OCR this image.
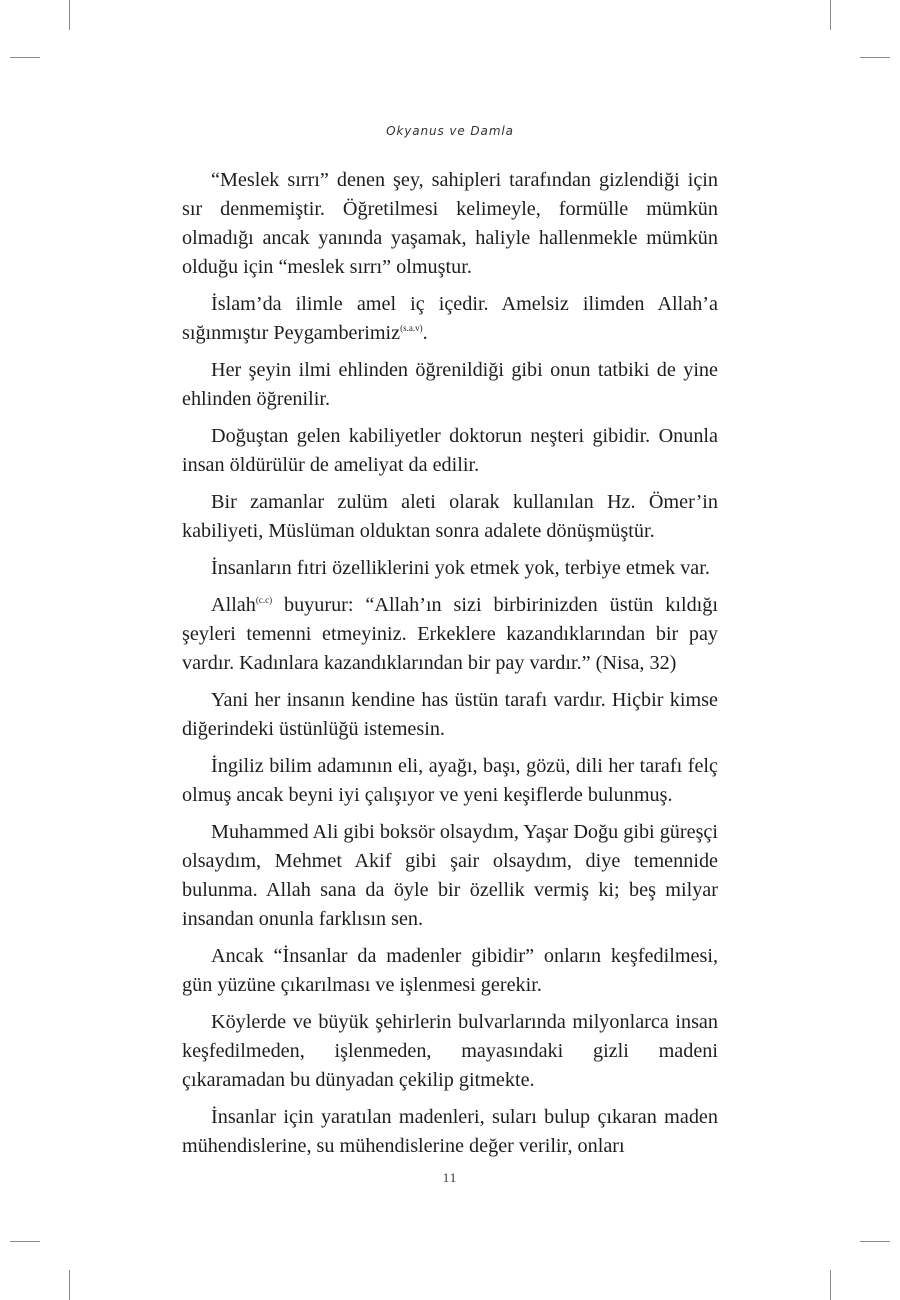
Okyanus ve Damla

“Meslek sırrı” denen şey, sahipleri tarafından gizlendiği için sır denmemiştir. Öğretilmesi kelimeyle, formülle mümkün olmadığı ancak yanında yaşamak, haliyle hallenmekle mümkün olduğu için “meslek sırrı” olmuştur.

İslam’da ilimle amel iç içedir. Amelsiz ilimden Allah’a sığınmıştır Peygamberimiz$^{(s.a.v)}$.

Her şeyin ilmi ehlinden öğrenildiği gibi onun tatbiki de yine ehlinden öğrenilir.

Doğuştan gelen kabiliyetler doktorun neşteri gibidir. Onunla insan öldürülür de ameliyat da edilir.

Bir zamanlar zulüm aleti olarak kullanılan Hz. Ömer’in kabiliyeti, Müslüman olduktan sonra adalete dönüşmüştür.

İnsanların fıtri özelliklerini yok etmek yok, terbiye etmek var.

Allah$^{(c.c)}$ buyurur: “Allah’ın sizi birbirinizden üstün kıldığı şeyleri temenni etmeyiniz. Erkeklere kazandıklarından bir pay vardır. Kadınlara kazandıklarından bir pay vardır.” (Nisa, 32)

Yani her insanın kendine has üstün tarafı vardır. Hiçbir kimse diğerindeki üstünlüğü istemesin.

İngiliz bilim adamının eli, ayağı, başı, gözü, dili her tarafı felç olmuş ancak beyni iyi çalışıyor ve yeni keşiflerde bulunmuş.

Muhammed Ali gibi boksör olsaydım, Yaşar Doğu gibi güreşçi olsaydım, Mehmet Akif gibi şair olsaydım, diye temennide bulunma. Allah sana da öyle bir özellik vermiş ki; beş milyar insandan onunla farklısın sen.

Ancak “İnsanlar da madenler gibidir” onların keşfedilmesi, gün yüzüne çıkarılması ve işlenmesi gerekir.

Köylerde ve büyük şehirlerin bulvarlarında milyonlarca insan keşfedilmeden, işlenmeden, mayasındaki gizli madeni çıkaramadan bu dünyadan çekilip gitmekte.

İnsanlar için yaratılan madenleri, suları bulup çıkaran maden mühendislerine, su mühendislerine değer verilir, onları

11
